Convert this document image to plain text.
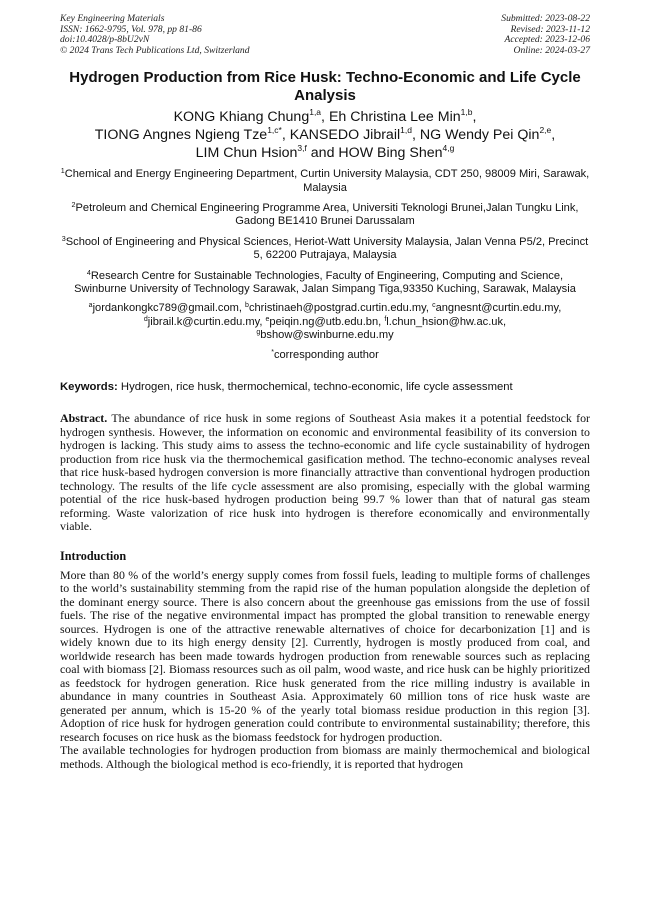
Key Engineering Materials
ISSN: 1662-9795, Vol. 978, pp 81-86
doi:10.4028/p-8bU2vN
© 2024 Trans Tech Publications Ltd, Switzerland
Submitted: 2023-08-22
Revised: 2023-11-12
Accepted: 2023-12-06
Online: 2024-03-27
Hydrogen Production from Rice Husk: Techno-Economic and Life Cycle Analysis
KONG Khiang Chung$^{1,a}$, Eh Christina Lee Min$^{1,b}$,
TIONG Angnes Ngieng Tze$^{1,c*}$, KANSEDO Jibrail$^{1,d}$, NG Wendy Pei Qin$^{2,e}$,
LIM Chun Hsion$^{3,f}$ and HOW Bing Shen$^{4,g}$
$^1$Chemical and Energy Engineering Department, Curtin University Malaysia, CDT 250, 98009 Miri, Sarawak, Malaysia
$^2$Petroleum and Chemical Engineering Programme Area, Universiti Teknologi Brunei,Jalan Tungku Link, Gadong BE1410 Brunei Darussalam
$^3$School of Engineering and Physical Sciences, Heriot-Watt University Malaysia, Jalan Venna P5/2, Precinct 5, 62200 Putrajaya, Malaysia
$^4$Research Centre for Sustainable Technologies, Faculty of Engineering, Computing and Science, Swinburne University of Technology Sarawak, Jalan Simpang Tiga,93350 Kuching, Sarawak, Malaysia
$^a$jordankongkc789@gmail.com, $^b$christinaeh@postgrad.curtin.edu.my, $^c$angnesnt@curtin.edu.my,
$^d$jibrail.k@curtin.edu.my, $^e$peiqin.ng@utb.edu.bn, $^f$l.chun_hsion@hw.ac.uk,
$^g$bshow@swinburne.edu.my
*corresponding author
Keywords: Hydrogen, rice husk, thermochemical, techno-economic, life cycle assessment
Abstract. The abundance of rice husk in some regions of Southeast Asia makes it a potential feedstock for hydrogen synthesis. However, the information on economic and environmental feasibility of its conversion to hydrogen is lacking. This study aims to assess the techno-economic and life cycle sustainability of hydrogen production from rice husk via the thermochemical gasification method. The techno-economic analyses reveal that rice husk-based hydrogen conversion is more financially attractive than conventional hydrogen production technology. The results of the life cycle assessment are also promising, especially with the global warming potential of the rice husk-based hydrogen production being 99.7 % lower than that of natural gas steam reforming. Waste valorization of rice husk into hydrogen is therefore economically and environmentally viable.
Introduction

More than 80 % of the world’s energy supply comes from fossil fuels, leading to multiple forms of challenges to the world’s sustainability stemming from the rapid rise of the human population alongside the depletion of the dominant energy source. There is also concern about the greenhouse gas emissions from the use of fossil fuels. The rise of the negative environmental impact has prompted the global transition to renewable energy sources. Hydrogen is one of the attractive renewable alternatives of choice for decarbonization [1] and is widely known due to its high energy density [2]. Currently, hydrogen is mostly produced from coal, and worldwide research has been made towards hydrogen production from renewable sources such as replacing coal with biomass [2]. Biomass resources such as oil palm, wood waste, and rice husk can be highly prioritized as feedstock for hydrogen generation. Rice husk generated from the rice milling industry is available in abundance in many countries in Southeast Asia. Approximately 60 million tons of rice husk waste are generated per annum, which is 15-20 % of the yearly total biomass residue production in this region [3]. Adoption of rice husk for hydrogen generation could contribute to environmental sustainability; therefore, this research focuses on rice husk as the biomass feedstock for hydrogen production.

The available technologies for hydrogen production from biomass are mainly thermochemical and biological methods. Although the biological method is eco-friendly, it is reported that hydrogen
